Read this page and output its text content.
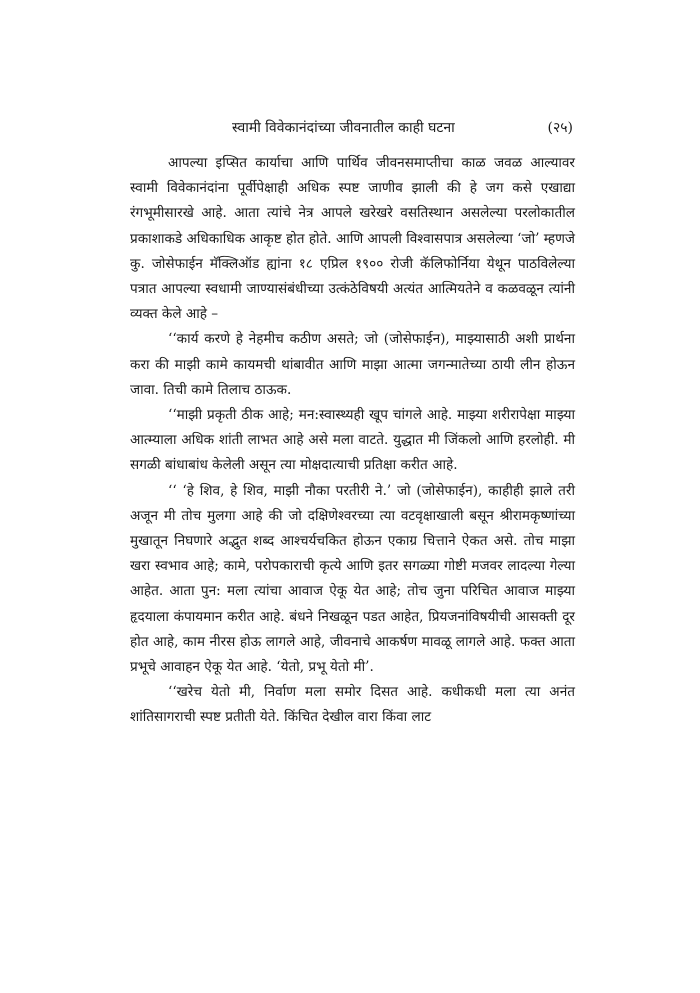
स्वामी विवेकानंदांच्या जीवनातील काही घटना	(२५)

आपल्या इप्सित कार्याचा आणि पार्थिव जीवनसमाप्तीचा काळ जवळ आल्यावर स्वामी विवेकानंदांना पूर्वीपेक्षाही अधिक स्पष्ट जाणीव झाली की हे जग कसे एखाद्या रंगभूमीसारखे आहे. आता त्यांचे नेत्र आपले खरेखरे वसतिस्थान असलेल्या परलोकातील प्रकाशाकडे अधिकाधिक आकृष्ट होत होते. आणि आपली विश्वासपात्र असलेल्या ‘जो’ म्हणजे कु. जोसेफाईन मॅक्लिऑड ह्यांना १८ एप्रिल १९०० रोजी कॅलिफोर्निया येथून पाठविलेल्या पत्रात आपल्या स्वधामी जाण्यासंबंधीच्या उत्कंठेविषयी अत्यंत आत्मियतेने व कळवळून त्यांनी व्यक्त केले आहे –

‘‘कार्य करणे हे नेहमीच कठीण असते; जो (जोसेफाईन), माझ्यासाठी अशी प्रार्थना करा की माझी कामे कायमची थांबावीत आणि माझा आत्मा जगन्मातेच्या ठायी लीन होऊन जावा. तिची कामे तिलाच ठाऊक.

‘‘माझी प्रकृती ठीक आहे; मन:स्वास्थ्यही खूप चांगले आहे. माझ्या शरीरापेक्षा माझ्या आत्म्याला अधिक शांती लाभत आहे असे मला वाटते. युद्धात मी जिंकलो आणि हरलोही. मी सगळी बांधाबांध केलेली असून त्या मोक्षदात्याची प्रतिक्षा करीत आहे.

‘‘ ‘हे शिव, हे शिव, माझी नौका परतीरी ने.’ जो (जोसेफाईन), काहीही झाले तरी अजून मी तोच मुलगा आहे की जो दक्षिणेश्वरच्या त्या वटवृक्षाखाली बसून श्रीरामकृष्णांच्या मुखातून निघणारे अद्भुत शब्द आश्चर्यचकित होऊन एकाग्र चित्ताने ऐकत असे. तोच माझा खरा स्वभाव आहे; कामे, परोपकाराची कृत्ये आणि इतर सगळ्या गोष्टी मजवर लादल्या गेल्या आहेत. आता पुन: मला त्यांचा आवाज ऐकू येत आहे; तोच जुना परिचित आवाज माझ्या हृदयाला कंपायमान करीत आहे. बंधने निखळून पडत आहेत, प्रियजनांविषयीची आसक्ती दूर होत आहे, काम नीरस होऊ लागले आहे, जीवनाचे आकर्षण मावळू लागले आहे. फक्त आता प्रभूचे आवाहन ऐकू येत आहे. ‘येतो, प्रभू येतो मी’.

‘‘खरेच येतो मी, निर्वाण मला समोर दिसत आहे. कधीकधी मला त्या अनंत शांतिसागराची स्पष्ट प्रतीती येते. किंचित देखील वारा किंवा लाट
